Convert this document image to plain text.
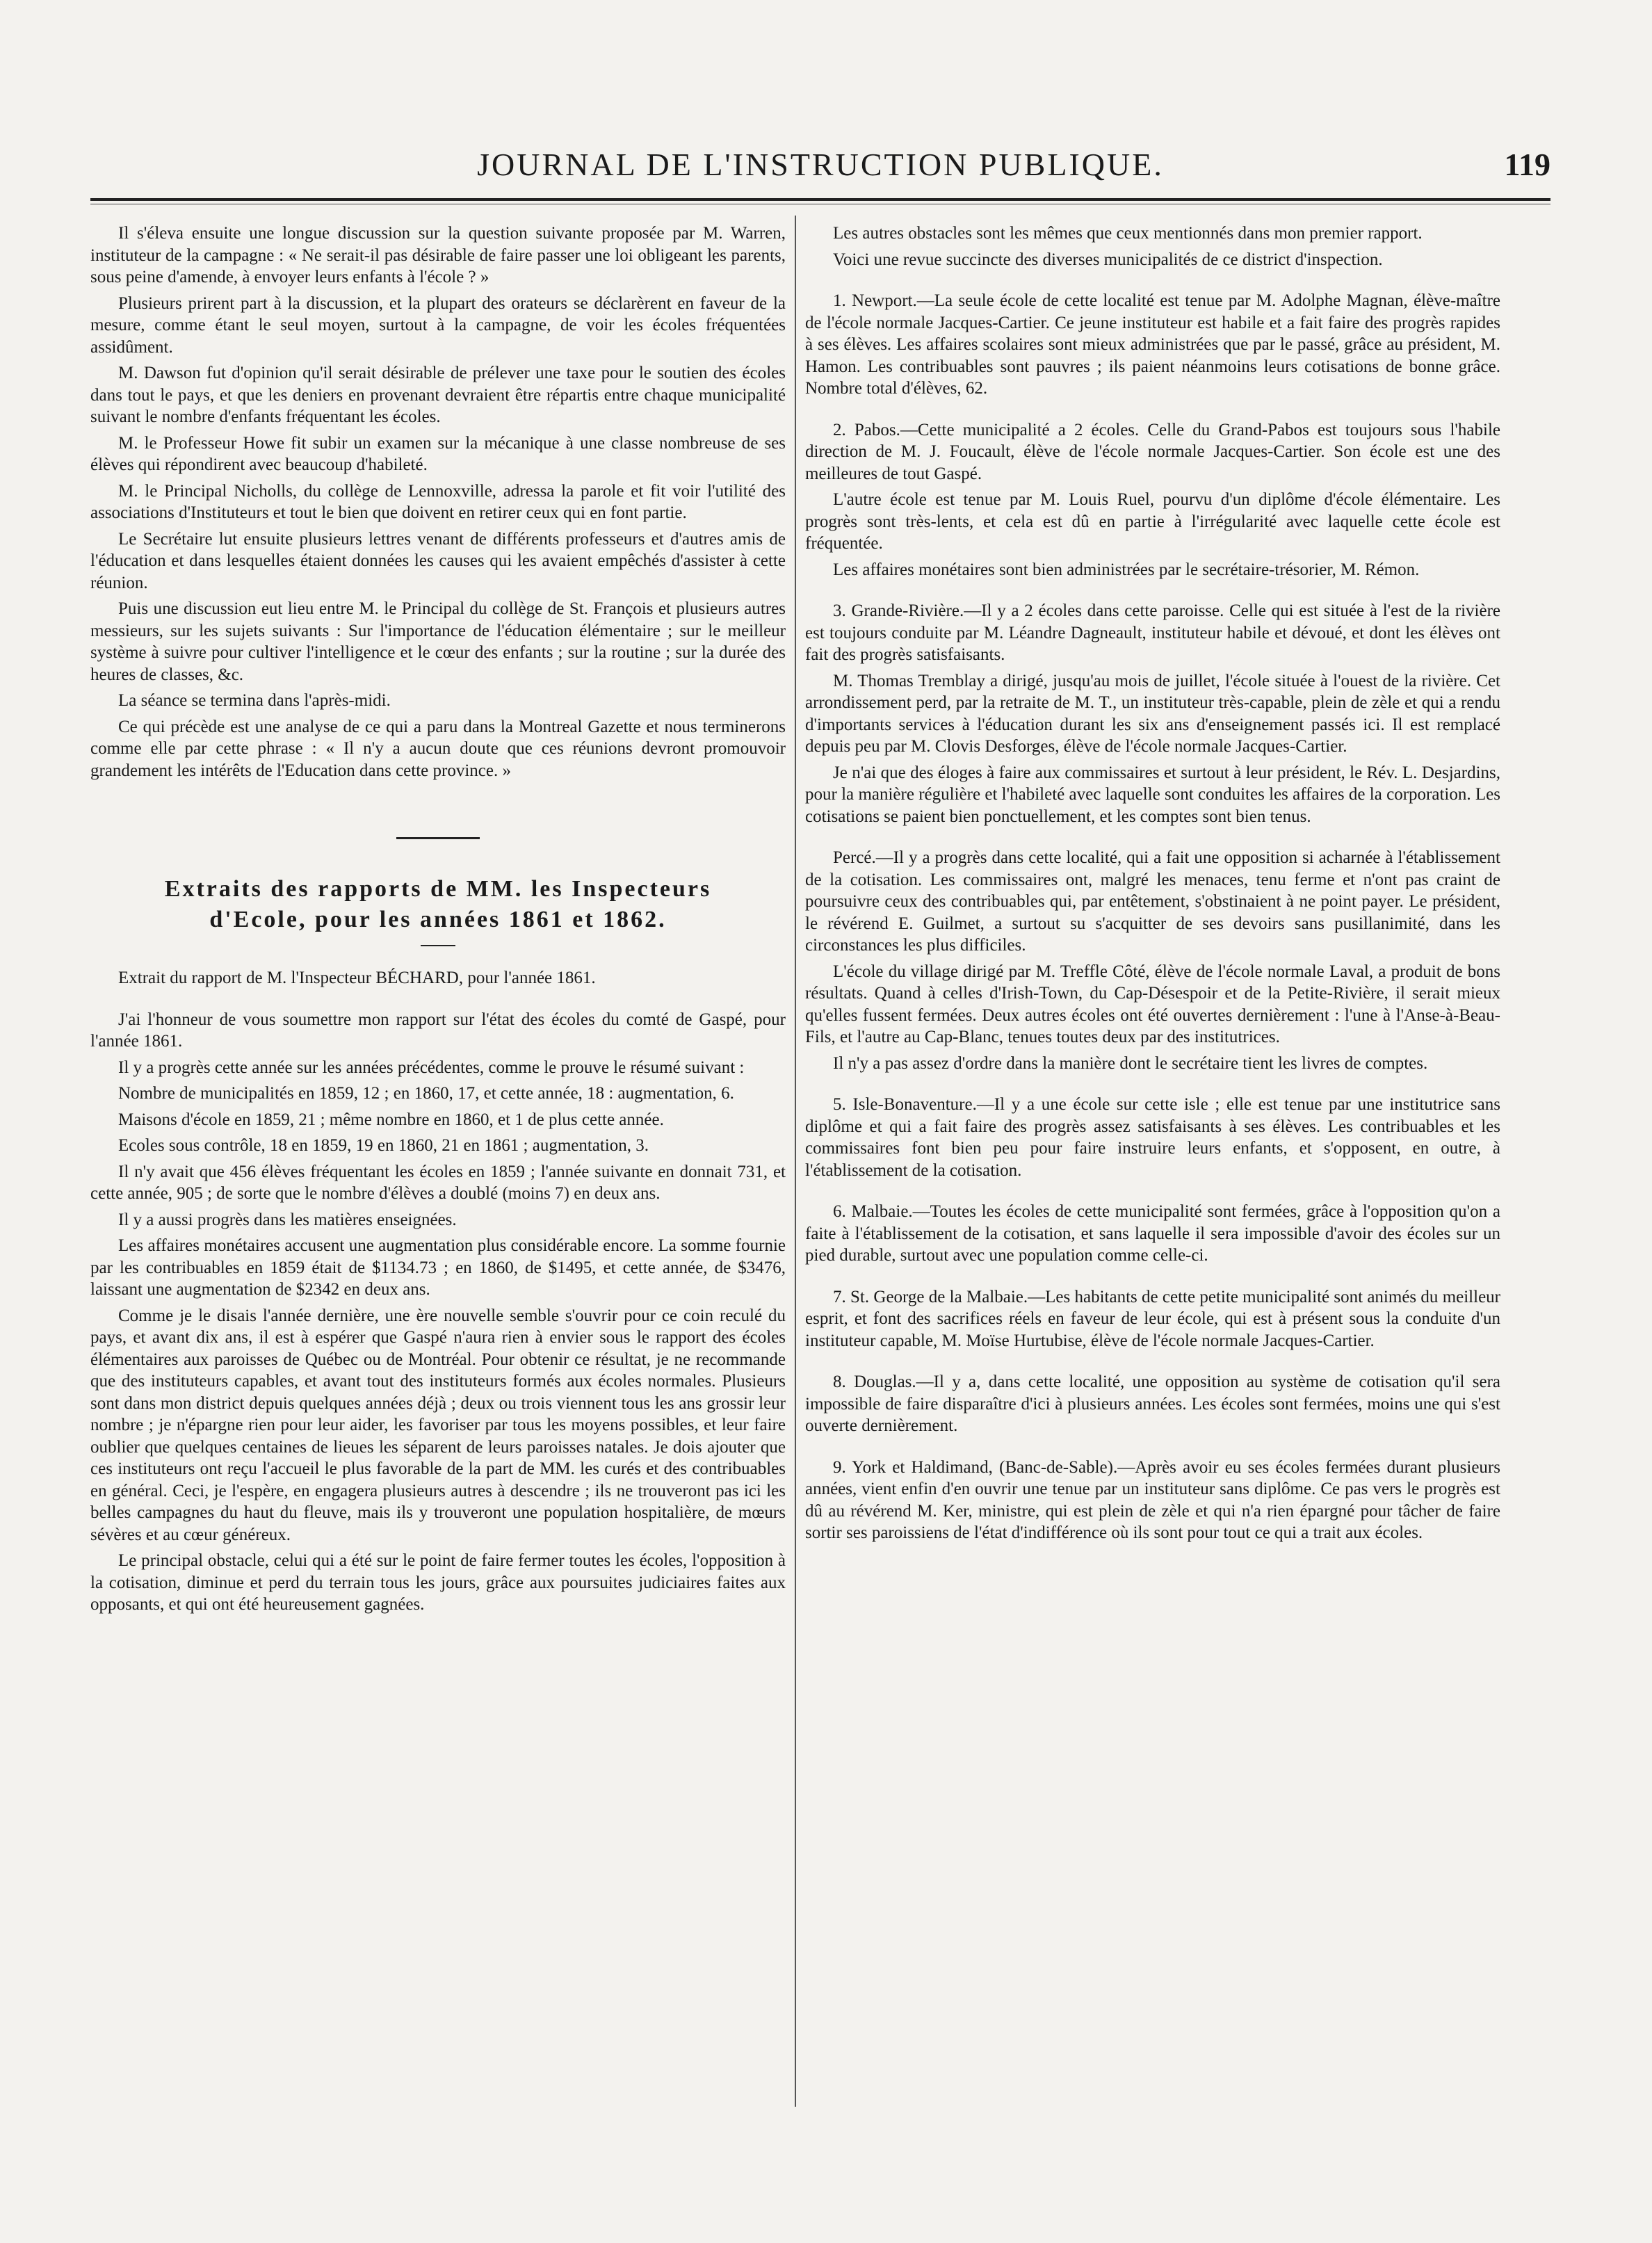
JOURNAL DE L'INSTRUCTION PUBLIQUE.	119

Il s'éleva ensuite une longue discussion sur la question suivante proposée par M. Warren, instituteur de la campagne : « Ne serait-il pas désirable de faire passer une loi obligeant les parents, sous peine d'amende, à envoyer leurs enfants à l'école ? »

Plusieurs prirent part à la discussion, et la plupart des orateurs se déclarèrent en faveur de la mesure, comme étant le seul moyen, surtout à la campagne, de voir les écoles fréquentées assidûment.

M. Dawson fut d'opinion qu'il serait désirable de prélever une taxe pour le soutien des écoles dans tout le pays, et que les deniers en provenant devraient être répartis entre chaque municipalité suivant le nombre d'enfants fréquentant les écoles.

M. le Professeur Howe fit subir un examen sur la mécanique à une classe nombreuse de ses élèves qui répondirent avec beaucoup d'habileté.

M. le Principal Nicholls, du collège de Lennoxville, adressa la parole et fit voir l'utilité des associations d'Instituteurs et tout le bien que doivent en retirer ceux qui en font partie.

Le Secrétaire lut ensuite plusieurs lettres venant de différents professeurs et d'autres amis de l'éducation et dans lesquelles étaient données les causes qui les avaient empêchés d'assister à cette réunion.

Puis une discussion eut lieu entre M. le Principal du collège de St. François et plusieurs autres messieurs, sur les sujets suivants : Sur l'importance de l'éducation élémentaire ; sur le meilleur système à suivre pour cultiver l'intelligence et le cœur des enfants ; sur la routine ; sur la durée des heures de classes, &c.

La séance se termina dans l'après-midi.

Ce qui précède est une analyse de ce qui a paru dans la Montreal Gazette et nous terminerons comme elle par cette phrase : « Il n'y a aucun doute que ces réunions devront promouvoir grandement les intérêts de l'Education dans cette province. »

Extraits des rapports de MM. les Inspecteurs
d'Ecole, pour les années 1861 et 1862.

Extrait du rapport de M. l'Inspecteur BÉCHARD, pour l'année 1861.

J'ai l'honneur de vous soumettre mon rapport sur l'état des écoles du comté de Gaspé, pour l'année 1861.

Il y a progrès cette année sur les années précédentes, comme le prouve le résumé suivant :

Nombre de municipalités en 1859, 12 ; en 1860, 17, et cette année, 18 : augmentation, 6.

Maisons d'école en 1859, 21 ; même nombre en 1860, et 1 de plus cette année.

Ecoles sous contrôle, 18 en 1859, 19 en 1860, 21 en 1861 ; augmentation, 3.

Il n'y avait que 456 élèves fréquentant les écoles en 1859 ; l'année suivante en donnait 731, et cette année, 905 ; de sorte que le nombre d'élèves a doublé (moins 7) en deux ans.

Il y a aussi progrès dans les matières enseignées.

Les affaires monétaires accusent une augmentation plus considérable encore. La somme fournie par les contribuables en 1859 était de $1134.73 ; en 1860, de $1495, et cette année, de $3476, laissant une augmentation de $2342 en deux ans.

Comme je le disais l'année dernière, une ère nouvelle semble s'ouvrir pour ce coin reculé du pays, et avant dix ans, il est à espérer que Gaspé n'aura rien à envier sous le rapport des écoles élémentaires aux paroisses de Québec ou de Montréal. Pour obtenir ce résultat, je ne recommande que des instituteurs capables, et avant tout des instituteurs formés aux écoles normales. Plusieurs sont dans mon district depuis quelques années déjà ; deux ou trois viennent tous les ans grossir leur nombre ; je n'épargne rien pour leur aider, les favoriser par tous les moyens possibles, et leur faire oublier que quelques centaines de lieues les séparent de leurs paroisses natales. Je dois ajouter que ces instituteurs ont reçu l'accueil le plus favorable de la part de MM. les curés et des contribuables en général. Ceci, je l'espère, en engagera plusieurs autres à descendre ; ils ne trouveront pas ici les belles campagnes du haut du fleuve, mais ils y trouveront une population hospitalière, de mœurs sévères et au cœur généreux.

Le principal obstacle, celui qui a été sur le point de faire fermer toutes les écoles, l'opposition à la cotisation, diminue et perd du terrain tous les jours, grâce aux poursuites judiciaires faites aux opposants, et qui ont été heureusement gagnées.

Les autres obstacles sont les mêmes que ceux mentionnés dans mon premier rapport.

Voici une revue succincte des diverses municipalités de ce district d'inspection.

1. Newport.—La seule école de cette localité est tenue par M. Adolphe Magnan, élève-maître de l'école normale Jacques-Cartier. Ce jeune instituteur est habile et a fait faire des progrès rapides à ses élèves. Les affaires scolaires sont mieux administrées que par le passé, grâce au président, M. Hamon. Les contribuables sont pauvres ; ils paient néanmoins leurs cotisations de bonne grâce. Nombre total d'élèves, 62.

2. Pabos.—Cette municipalité a 2 écoles. Celle du Grand-Pabos est toujours sous l'habile direction de M. J. Foucault, élève de l'école normale Jacques-Cartier. Son école est une des meilleures de tout Gaspé.

L'autre école est tenue par M. Louis Ruel, pourvu d'un diplôme d'école élémentaire. Les progrès sont très-lents, et cela est dû en partie à l'irrégularité avec laquelle cette école est fréquentée.

Les affaires monétaires sont bien administrées par le secrétaire-trésorier, M. Rémon.

3. Grande-Rivière.—Il y a 2 écoles dans cette paroisse. Celle qui est située à l'est de la rivière est toujours conduite par M. Léandre Dagneault, instituteur habile et dévoué, et dont les élèves ont fait des progrès satisfaisants.

M. Thomas Tremblay a dirigé, jusqu'au mois de juillet, l'école située à l'ouest de la rivière. Cet arrondissement perd, par la retraite de M. T., un instituteur très-capable, plein de zèle et qui a rendu d'importants services à l'éducation durant les six ans d'enseignement passés ici. Il est remplacé depuis peu par M. Clovis Desforges, élève de l'école normale Jacques-Cartier.

Je n'ai que des éloges à faire aux commissaires et surtout à leur président, le Rév. L. Desjardins, pour la manière régulière et l'habileté avec laquelle sont conduites les affaires de la corporation. Les cotisations se paient bien ponctuellement, et les comptes sont bien tenus.

Percé.—Il y a progrès dans cette localité, qui a fait une opposition si acharnée à l'établissement de la cotisation. Les commissaires ont, malgré les menaces, tenu ferme et n'ont pas craint de poursuivre ceux des contribuables qui, par entêtement, s'obstinaient à ne point payer. Le président, le révérend E. Guilmet, a surtout su s'acquitter de ses devoirs sans pusillanimité, dans les circonstances les plus difficiles.

L'école du village dirigé par M. Treffle Côté, élève de l'école normale Laval, a produit de bons résultats. Quand à celles d'Irish-Town, du Cap-Désespoir et de la Petite-Rivière, il serait mieux qu'elles fussent fermées. Deux autres écoles ont été ouvertes dernièrement : l'une à l'Anse-à-Beau-Fils, et l'autre au Cap-Blanc, tenues toutes deux par des institutrices.

Il n'y a pas assez d'ordre dans la manière dont le secrétaire tient les livres de comptes.

5. Isle-Bonaventure.—Il y a une école sur cette isle ; elle est tenue par une institutrice sans diplôme et qui a fait faire des progrès assez satisfaisants à ses élèves. Les contribuables et les commissaires font bien peu pour faire instruire leurs enfants, et s'opposent, en outre, à l'établissement de la cotisation.

6. Malbaie.—Toutes les écoles de cette municipalité sont fermées, grâce à l'opposition qu'on a faite à l'établissement de la cotisation, et sans laquelle il sera impossible d'avoir des écoles sur un pied durable, surtout avec une population comme celle-ci.

7. St. George de la Malbaie.—Les habitants de cette petite municipalité sont animés du meilleur esprit, et font des sacrifices réels en faveur de leur école, qui est à présent sous la conduite d'un instituteur capable, M. Moïse Hurtubise, élève de l'école normale Jacques-Cartier.

8. Douglas.—Il y a, dans cette localité, une opposition au système de cotisation qu'il sera impossible de faire disparaître d'ici à plusieurs années. Les écoles sont fermées, moins une qui s'est ouverte dernièrement.

9. York et Haldimand, (Banc-de-Sable).—Après avoir eu ses écoles fermées durant plusieurs années, vient enfin d'en ouvrir une tenue par un instituteur sans diplôme. Ce pas vers le progrès est dû au révérend M. Ker, ministre, qui est plein de zèle et qui n'a rien épargné pour tâcher de faire sortir ses paroissiens de l'état d'indifférence où ils sont pour tout ce qui a trait aux écoles.
